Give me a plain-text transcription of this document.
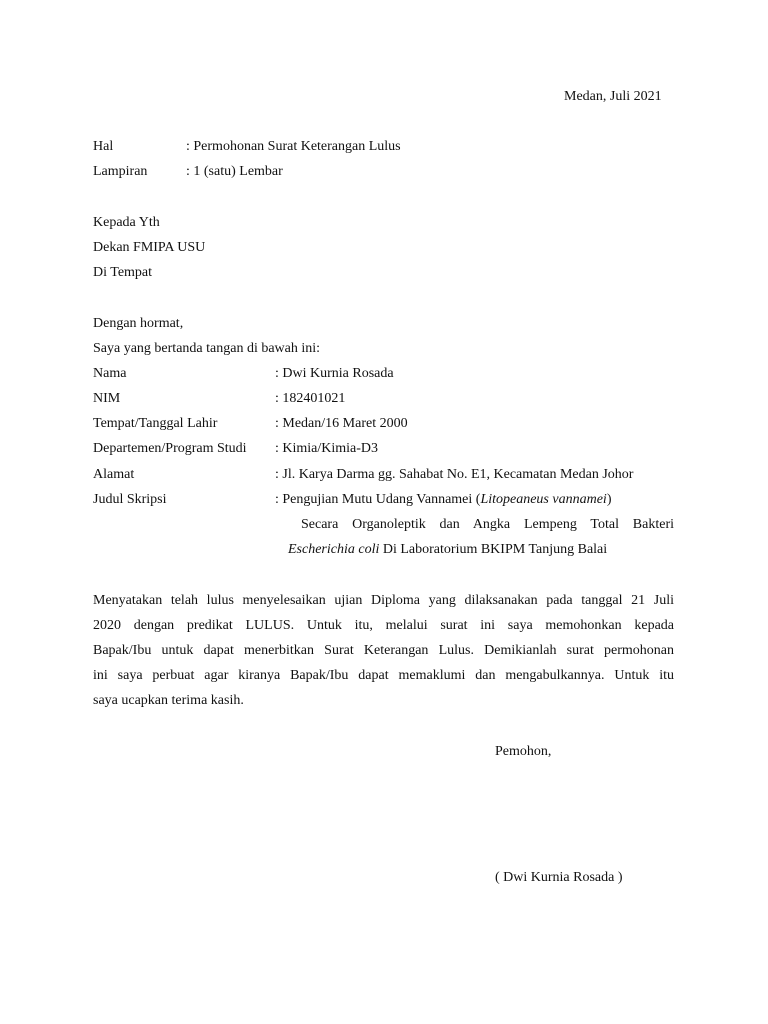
Medan, Juli 2021
Hal	: Permohonan Surat Keterangan Lulus
Lampiran	: 1 (satu) Lembar
Kepada Yth
Dekan FMIPA USU
Di Tempat
Dengan hormat,
Saya yang bertanda tangan di bawah ini:
Nama	: Dwi Kurnia Rosada
NIM	: 182401021
Tempat/Tanggal Lahir	: Medan/16 Maret 2000
Departemen/Program Studi : Kimia/Kimia-D3
Alamat	: Jl. Karya Darma gg. Sahabat No. E1, Kecamatan Medan Johor
Judul Skripsi	: Pengujian Mutu Udang Vannamei (Litopeaneus vannamei)
Secara Organoleptik dan Angka Lempeng Total Bakteri
Escherichia coli Di Laboratorium BKIPM Tanjung Balai
Menyatakan telah lulus menyelesaikan ujian Diploma yang dilaksanakan pada tanggal 21 Juli
2020 dengan predikat LULUS. Untuk itu, melalui surat ini saya memohonkan kepada
Bapak/Ibu untuk dapat menerbitkan Surat Keterangan Lulus. Demikianlah surat permohonan
ini saya perbuat agar kiranya Bapak/Ibu dapat memaklumi dan mengabulkannya. Untuk itu
saya ucapkan terima kasih.
Pemohon,
( Dwi Kurnia Rosada )
